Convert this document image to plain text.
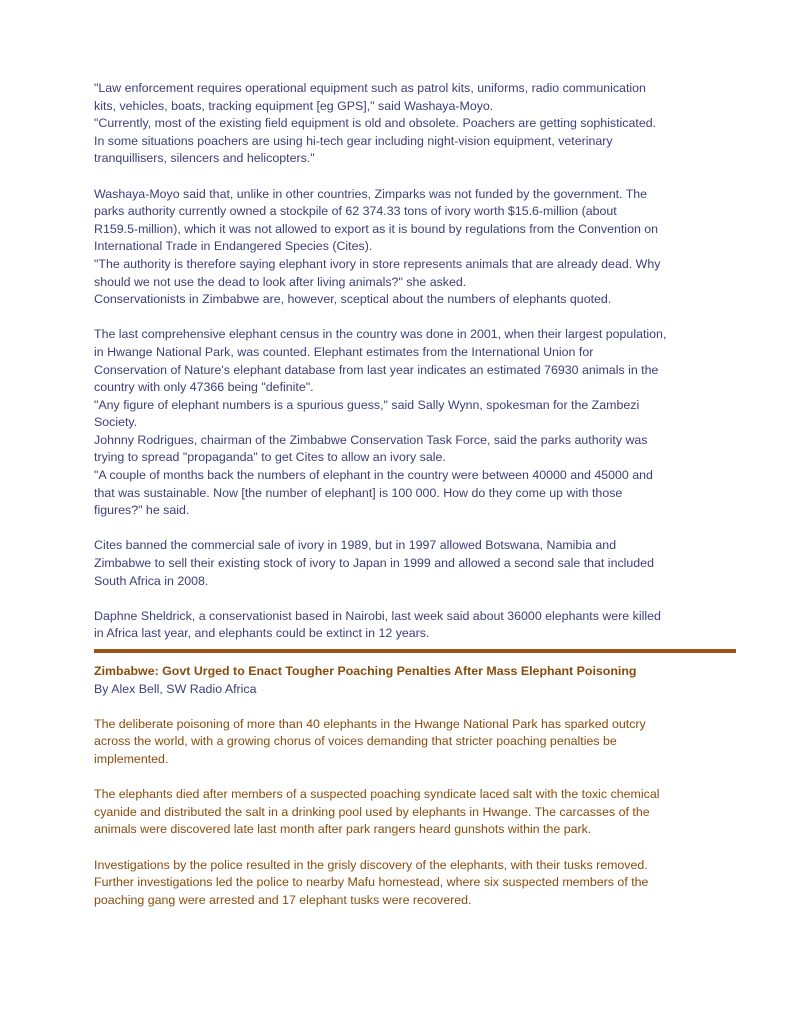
"Law enforcement requires operational equipment such as patrol kits, uniforms, radio communication
kits, vehicles, boats, tracking equipment [eg GPS]," said Washaya-Moyo.
"Currently, most of the existing field equipment is old and obsolete. Poachers are getting sophisticated.
In some situations poachers are using hi-tech gear including night-vision equipment, veterinary
tranquillisers, silencers and helicopters."

Washaya-Moyo said that, unlike in other countries, Zimparks was not funded by the government. The
parks authority currently owned a stockpile of 62 374.33 tons of ivory worth $15.6-million (about
R159.5-million), which it was not allowed to export as it is bound by regulations from the Convention on
International Trade in Endangered Species (Cites).
"The authority is therefore saying elephant ivory in store represents animals that are already dead. Why
should we not use the dead to look after living animals?" she asked.
Conservationists in Zimbabwe are, however, sceptical about the numbers of elephants quoted.

The last comprehensive elephant census in the country was done in 2001, when their largest population,
in Hwange National Park, was counted. Elephant estimates from the International Union for
Conservation of Nature's elephant database from last year indicates an estimated 76930 animals in the
country with only 47366 being "definite".
"Any figure of elephant numbers is a spurious guess," said Sally Wynn, spokesman for the Zambezi
Society.
Johnny Rodrigues, chairman of the Zimbabwe Conservation Task Force, said the parks authority was
trying to spread "propaganda" to get Cites to allow an ivory sale.
"A couple of months back the numbers of elephant in the country were between 40000 and 45000 and
that was sustainable. Now [the number of elephant] is 100 000. How do they come up with those
figures?" he said.

Cites banned the commercial sale of ivory in 1989, but in 1997 allowed Botswana, Namibia and
Zimbabwe to sell their existing stock of ivory to Japan in 1999 and allowed a second sale that included
South Africa in 2008.

Daphne Sheldrick, a conservationist based in Nairobi, last week said about 36000 elephants were killed
in Africa last year, and elephants could be extinct in 12 years.

Zimbabwe: Govt Urged to Enact Tougher Poaching Penalties After Mass Elephant Poisoning
By Alex Bell, SW Radio Africa

The deliberate poisoning of more than 40 elephants in the Hwange National Park has sparked outcry
across the world, with a growing chorus of voices demanding that stricter poaching penalties be
implemented.

The elephants died after members of a suspected poaching syndicate laced salt with the toxic chemical
cyanide and distributed the salt in a drinking pool used by elephants in Hwange. The carcasses of the
animals were discovered late last month after park rangers heard gunshots within the park.

Investigations by the police resulted in the grisly discovery of the elephants, with their tusks removed.
Further investigations led the police to nearby Mafu homestead, where six suspected members of the
poaching gang were arrested and 17 elephant tusks were recovered.
